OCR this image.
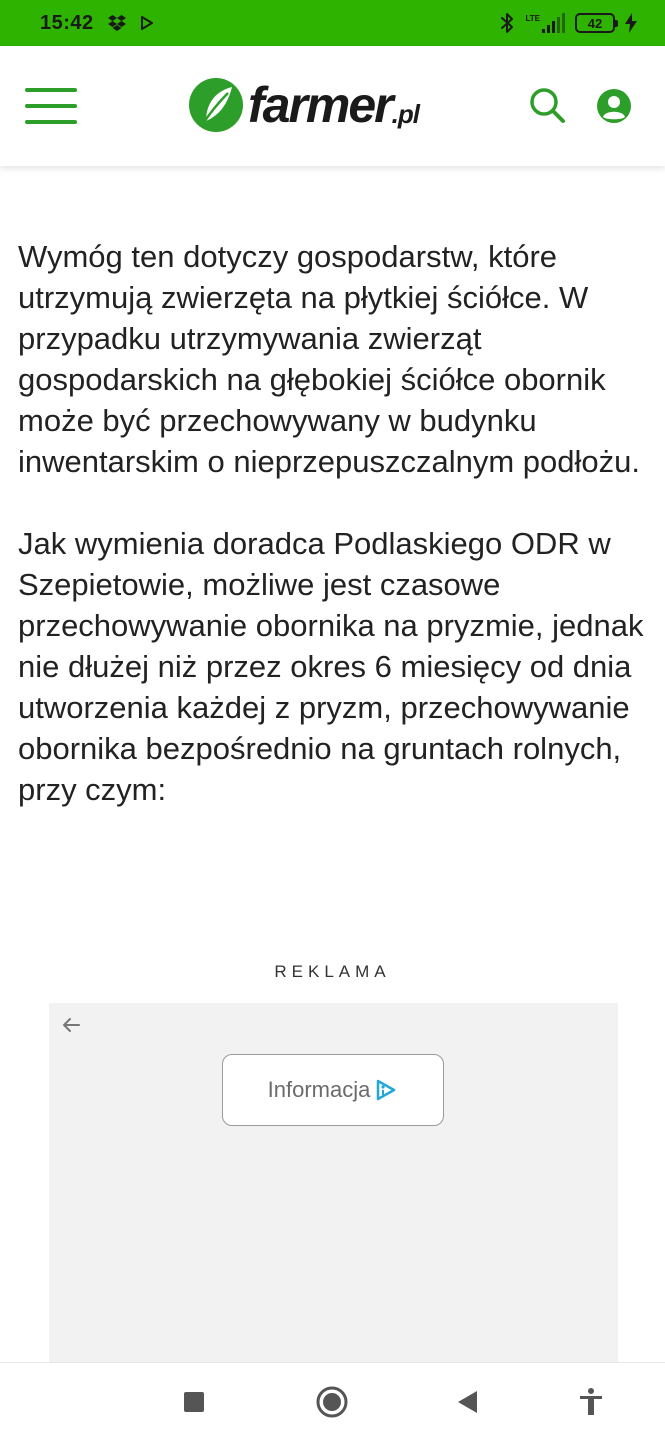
15:42	LTE	42
farmer .pl

Wymóg ten dotyczy gospodarstw, które utrzymują zwierzęta na płytkiej ściółce. W przypadku utrzymywania zwierząt gospodarskich na głębokiej ściółce obornik może być przechowywany w budynku inwentarskim o nieprzepuszczalnym podłożu.

Jak wymienia doradca Podlaskiego ODR w Szepietowie, możliwe jest czasowe przechowywanie obornika na pryzmie, jednak nie dłużej niż przez okres 6 miesięcy od dnia utworzenia każdej z pryzm, przechowywanie obornika bezpośrednio na gruntach rolnych, przy czym:

REKLAMA
Informacja
